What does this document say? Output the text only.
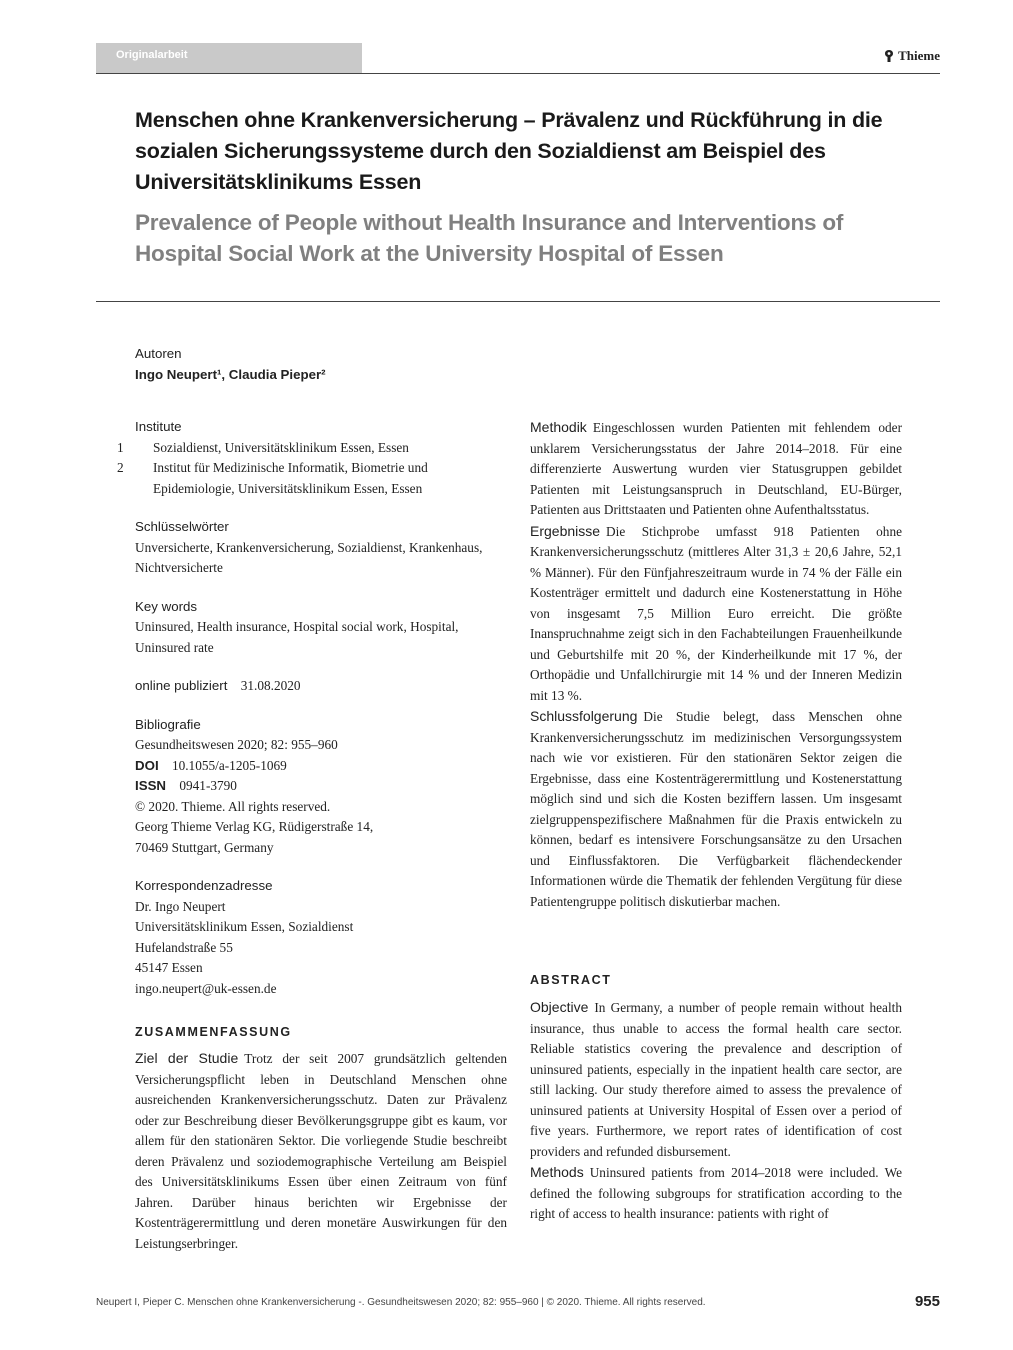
Originalarbeit	Thieme
Menschen ohne Krankenversicherung – Prävalenz und Rückführung in die sozialen Sicherungssysteme durch den Sozialdienst am Beispiel des Universitätsklinikums Essen
Prevalence of People without Health Insurance and Interventions of Hospital Social Work at the University Hospital of Essen

Autoren

Ingo Neupert¹, Claudia Pieper²

Institute

1 Sozialdienst, Universitätsklinikum Essen, Essen

2 Institut für Medizinische Informatik, Biometrie und Epidemiologie, Universitätsklinikum Essen, Essen

Schlüsselwörter

Unversicherte, Krankenversicherung, Sozialdienst, Krankenhaus, Nichtversicherte

Key words

Uninsured, Health insurance, Hospital social work, Hospital, Uninsured rate

online publiziert 31.08.2020

Bibliografie

Gesundheitswesen 2020; 82: 955–960

DOI 10.1055/a-1205-1069

ISSN 0941-3790

© 2020. Thieme. All rights reserved.

Georg Thieme Verlag KG, Rüdigerstraße 14,

70469 Stuttgart, Germany

Korrespondenzadresse

Dr. Ingo Neupert

Universitätsklinikum Essen, Sozialdienst

Hufelandstraße 55

45147 Essen

ingo.neupert@uk-essen.de

ZUSAMMENFASSUNG

Ziel der Studie Trotz der seit 2007 grundsätzlich geltenden Versicherungspflicht leben in Deutschland Menschen ohne ausreichenden Krankenversicherungsschutz. Daten zur Prävalenz oder zur Beschreibung dieser Bevölkerungsgruppe gibt es kaum, vor allem für den stationären Sektor. Die vorliegende Studie beschreibt deren Prävalenz und soziodemographische Verteilung am Beispiel des Universitätsklinikums Essen über einen Zeitraum von fünf Jahren. Darüber hinaus berichten wir Ergebnisse der Kostenträgerermittlung und deren monetäre Auswirkungen für den Leistungserbringer.

Methodik Eingeschlossen wurden Patienten mit fehlendem oder unklarem Versicherungsstatus der Jahre 2014–2018. Für eine differenzierte Auswertung wurden vier Statusgruppen gebildet Patienten mit Leistungsanspruch in Deutschland, EU-Bürger, Patienten aus Drittstaaten und Patienten ohne Aufenthaltsstatus.

Ergebnisse Die Stichprobe umfasst 918 Patienten ohne Krankenversicherungsschutz (mittleres Alter 31,3 ± 20,6 Jahre, 52,1 % Männer). Für den Fünfjahreszeitraum wurde in 74 % der Fälle ein Kostenträger ermittelt und dadurch eine Kostenerstattung in Höhe von insgesamt 7,5 Million Euro erreicht. Die größte Inanspruchnahme zeigt sich in den Fachabteilungen Frauenheilkunde und Geburtshilfe mit 20 %, der Kinderheilkunde mit 17 %, der Orthopädie und Unfallchirurgie mit 14 % und der Inneren Medizin mit 13 %.

Schlussfolgerung Die Studie belegt, dass Menschen ohne Krankenversicherungsschutz im medizinischen Versorgungssystem nach wie vor existieren. Für den stationären Sektor zeigen die Ergebnisse, dass eine Kostenträgerermittlung und Kostenerstattung möglich sind und sich die Kosten beziffern lassen. Um insgesamt zielgruppenspezifischere Maßnahmen für die Praxis entwickeln zu können, bedarf es intensivere Forschungsansätze zu den Ursachen und Einflussfaktoren. Die Verfügbarkeit flächendeckender Informationen würde die Thematik der fehlenden Vergütung für diese Patientengruppe politisch diskutierbar machen.

ABSTRACT

Objective In Germany, a number of people remain without health insurance, thus unable to access the formal health care sector. Reliable statistics covering the prevalence and description of uninsured patients, especially in the inpatient health care sector, are still lacking. Our study therefore aimed to assess the prevalence of uninsured patients at University Hospital of Essen over a period of five years. Furthermore, we report rates of identification of cost providers and refunded disbursement.

Methods Uninsured patients from 2014–2018 were included. We defined the following subgroups for stratification according to the right of access to health insurance: patients with right of

Neupert I, Pieper C. Menschen ohne Krankenversicherung -. Gesundheitswesen 2020; 82: 955–960 | © 2020. Thieme. All rights reserved.	955
